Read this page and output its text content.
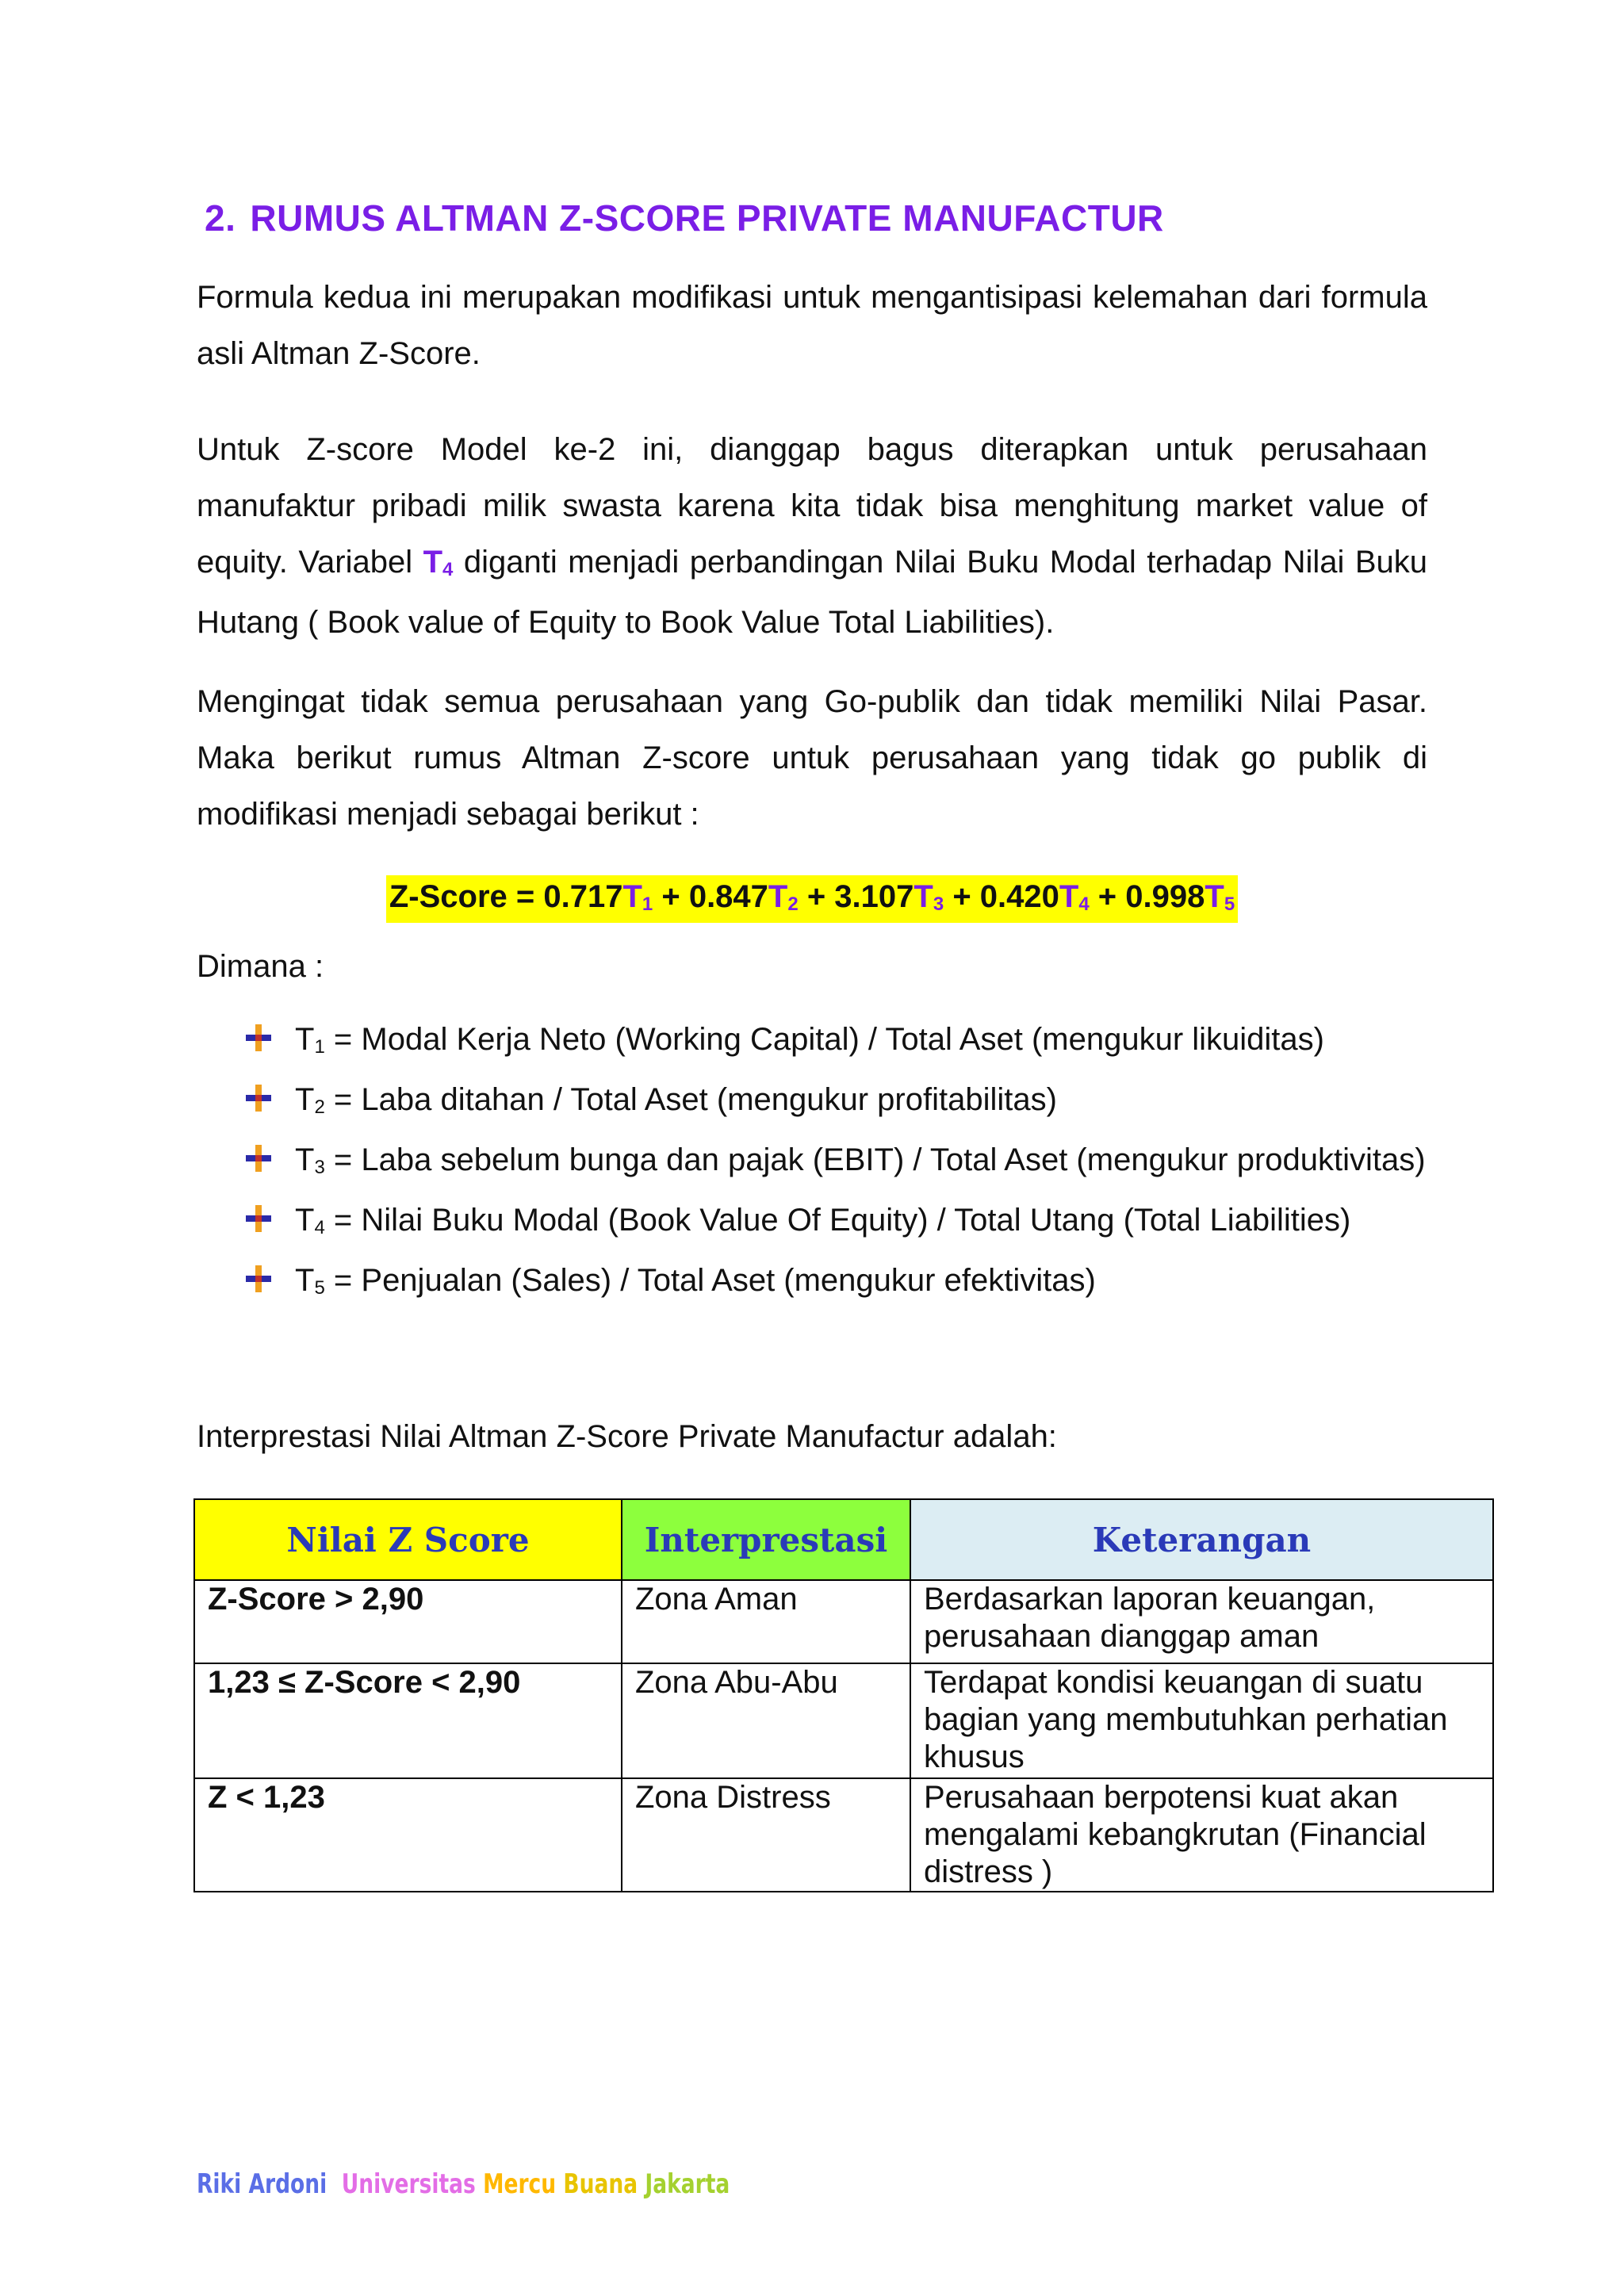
2. RUMUS ALTMAN Z-SCORE PRIVATE MANUFACTUR

Formula kedua ini merupakan modifikasi untuk mengantisipasi kelemahan dari formula asli Altman Z-Score.

Untuk Z-score Model ke-2 ini, dianggap bagus diterapkan untuk perusahaan manufaktur pribadi milik swasta karena kita tidak bisa menghitung market value of equity. Variabel $T_4$ diganti menjadi perbandingan Nilai Buku Modal terhadap Nilai Buku Hutang ( Book value of Equity to Book Value Total Liabilities).

Mengingat tidak semua perusahaan yang Go-publik dan tidak memiliki Nilai Pasar. Maka berikut rumus Altman Z-score untuk perusahaan yang tidak go publik di modifikasi menjadi sebagai berikut :

Z-Score = $0.717T_1 + 0.847T_2 + 3.107T_3 + 0.420T_4 + 0.998T_5$
Dimana :
$T_1$ = Modal Kerja Neto (Working Capital) / Total Aset (mengukur likuiditas)
$T_2$ = Laba ditahan / Total Aset (mengukur profitabilitas)
$T_3$ = Laba sebelum bunga dan pajak (EBIT) / Total Aset (mengukur produktivitas)
$T_4$ = Nilai Buku Modal (Book Value Of Equity) / Total Utang (Total Liabilities)
$T_5$ = Penjualan (Sales) / Total Aset (mengukur efektivitas)
Interprestasi Nilai Altman Z-Score Private Manufactur adalah:
Nilai Z Score	Interprestasi	Keterangan
Z-Score > 2,90	Zona Aman	Berdasarkan laporan keuangan, perusahaan dianggap aman
1,23 ≤ Z-Score < 2,90	Zona Abu-Abu	Terdapat kondisi keuangan di suatu bagian yang membutuhkan perhatian khusus
Z < 1,23	Zona Distress	Perusahaan berpotensi kuat akan mengalami kebangkrutan (Financial distress )
Riki Ardoni Universitas Mercu Buana Jakarta
